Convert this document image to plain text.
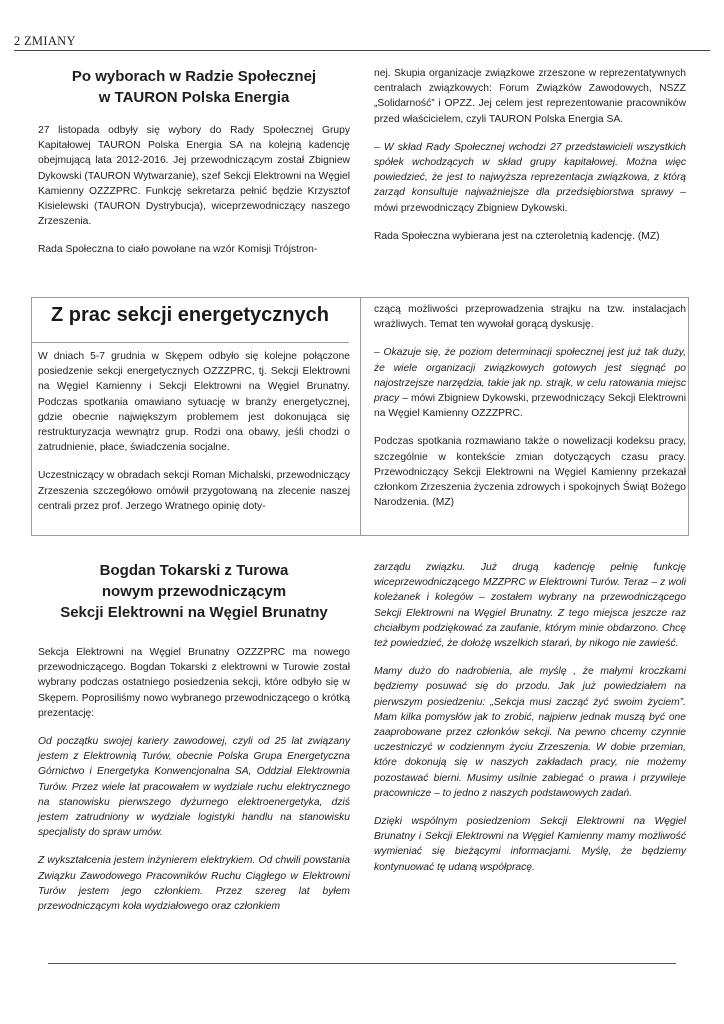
2 ZMIANY
Po wyborach w Radzie Społecznej
w TAURON Polska Energia

27 listopada odbyły się wybory do Rady Społecznej Grupy Kapitałowej TAURON Polska Energia SA na kolejną kadencję obejmującą lata 2012-2016. Jej przewodniczącym został Zbigniew Dykowski (TAURON Wytwarzanie), szef Sekcji Elektrowni na Węgiel Kamienny OZZZPRC. Funkcję sekretarza pełnić będzie Krzysztof Kisielewski (TAURON Dystrybucja), wiceprzewodniczący naszego Zrzeszenia.

Rada Społeczna to ciało powołane na wzór Komisji Trójstron-

nej. Skupia organizacje związkowe zrzeszone w reprezentatywnych centralach związkowych: Forum Związków Zawodowych, NSZZ „Solidarność” i OPZZ. Jej celem jest reprezentowanie pracowników przed właścicielem, czyli TAURON Polska Energia SA.

– W skład Rady Społecznej wchodzi 27 przedstawicieli wszystkich spółek wchodzących w skład grupy kapitałowej. Można więc powiedzieć, że jest to najwyższa reprezentacja związkowa, z którą zarząd konsultuje najważniejsze dla przedsiębiorstwa sprawy – mówi przewodniczący Zbigniew Dykowski.

Rada Społeczna wybierana jest na czteroletnią kadencję. (MZ)

Z prac sekcji energetycznych

W dniach 5-7 grudnia w Skępem odbyło się kolejne połączone posiedzenie sekcji energetycznych OZZZPRC, tj. Sekcji Elektrowni na Węgiel Kamienny i Sekcji Elektrowni na Węgiel Brunatny. Podczas spotkania omawiano sytuację w branży energetycznej, gdzie obecnie największym problemem jest dokonująca się restrukturyzacja wewnątrz grup. Rodzi ona obawy, jeśli chodzi o zatrudnienie, płace, świadczenia socjalne.

Uczestniczący w obradach sekcji Roman Michalski, przewodniczący Zrzeszenia szczegółowo omówił przygotowaną na zlecenie naszej centrali przez prof. Jerzego Wratnego opinię doty-

czącą możliwości przeprowadzenia strajku na tzw. instalacjach wrażliwych. Temat ten wywołał gorącą dyskusję.

– Okazuje się, że poziom determinacji społecznej jest już tak duży, że wiele organizacji związkowych gotowych jest sięgnąć po najostrzejsze narzędzia, takie jak np. strajk, w celu ratowania miejsc pracy – mówi Zbigniew Dykowski, przewodniczący Sekcji Elektrowni na Węgiel Kamienny OZZZPRC.

Podczas spotkania rozmawiano także o nowelizacji kodeksu pracy, szczególnie w kontekście zmian dotyczących czasu pracy. Przewodniczący Sekcji Elektrowni na Węgiel Kamienny przekazał członkom Zrzeszenia życzenia zdrowych i spokojnych Świąt Bożego Narodzenia. (MZ)

Bogdan Tokarski z Turowa
nowym przewodniczącym
Sekcji Elektrowni na Węgiel Brunatny

Sekcja Elektrowni na Węgiel Brunatny OZZZPRC ma nowego przewodniczącego. Bogdan Tokarski z elektrowni w Turowie został wybrany podczas ostatniego posiedzenia sekcji, które odbyło się w Skępem. Poprosiliśmy nowo wybranego przewodniczącego o krótką prezentację:

Od początku swojej kariery zawodowej, czyli od 25 lat związany jestem z Elektrownią Turów, obecnie Polska Grupa Energetyczna Górnictwo i Energetyka Konwencjonalna SA, Oddział Elektrownia Turów. Przez wiele lat pracowałem w wydziale ruchu elektrycznego na stanowisku pierwszego dyżurnego elektroenergetyka, dziś jestem zatrudniony w wydziale logistyki handlu na stanowisku specjalisty do spraw umów.

Z wykształcenia jestem inżynierem elektrykiem. Od chwili powstania Związku Zawodowego Pracowników Ruchu Ciągłego w Elektrowni Turów jestem jego członkiem. Przez szereg lat byłem przewodniczącym koła wydziałowego oraz członkiem

zarządu związku. Już drugą kadencję pełnię funkcję wiceprzewodniczącego MZZPRC w Elektrowni Turów. Teraz – z woli koleżanek i kolegów – zostałem wybrany na przewodniczącego Sekcji Elektrowni na Węgiel Brunatny. Z tego miejsca jeszcze raz chciałbym podziękować za zaufanie, którym minie obdarzono. Chcę też powiedzieć, że dołożę wszelkich starań, by nikogo nie zawieść.

Mamy dużo do nadrobienia, ale myślę , że małymi kroczkami będziemy posuwać się do przodu. Jak już powiedziałem na pierwszym posiedzeniu: „Sekcja musi zacząć żyć swoim życiem”. Mam kilka pomysłów jak to zrobić, najpierw jednak muszą być one zaaprobowane przez członków sekcji. Na pewno chcemy czynnie uczestniczyć w codziennym życiu Zrzeszenia. W dobie przemian, które dokonują się w naszych zakładach pracy, nie możemy pozostawać bierni. Musimy usilnie zabiegać o prawa i przywileje pracownicze – to jedno z naszych podstawowych zadań.

Dzięki wspólnym posiedzeniom Sekcji Elektrowni na Węgiel Brunatny i Sekcji Elektrowni na Węgiel Kamienny mamy możliwość wymieniać się bieżącymi informacjami. Myślę, że będziemy kontynuować tę udaną współpracę.
